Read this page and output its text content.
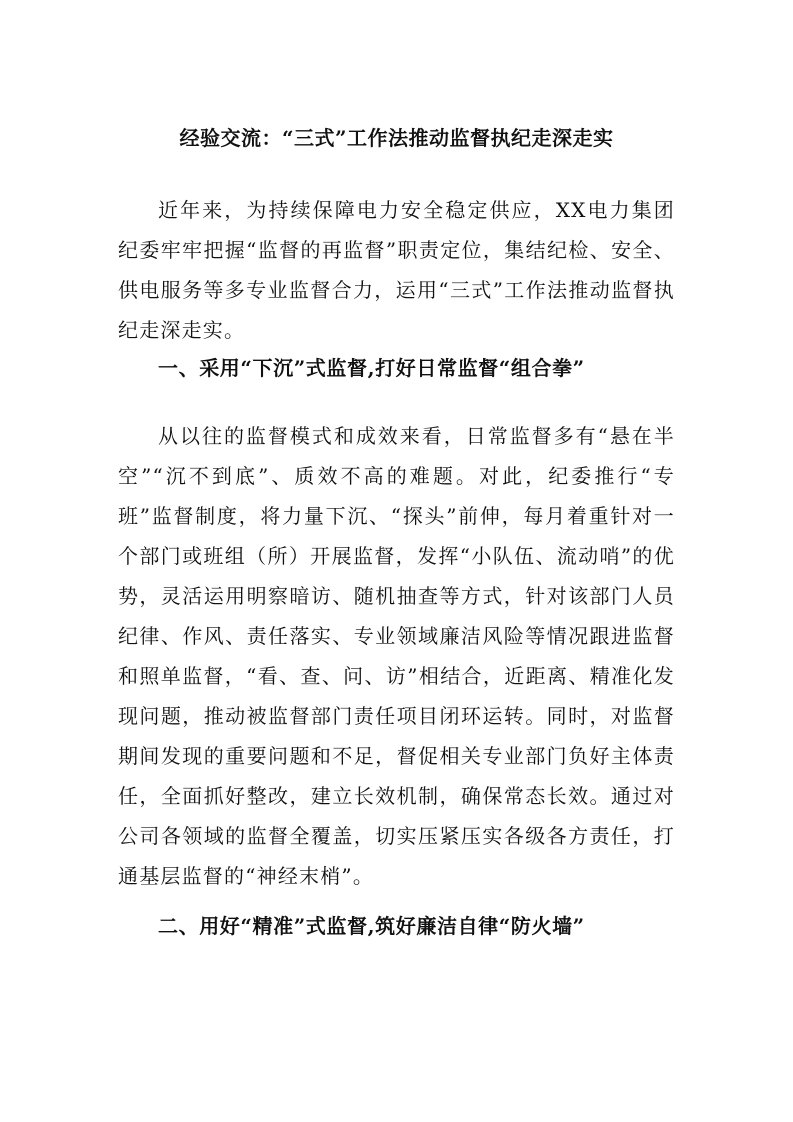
经验交流：“三式”工作法推动监督执纪走深走实

近年来，为持续保障电力安全稳定供应，XX电力集团纪委牢牢把握“监督的再监督”职责定位，集结纪检、安全、供电服务等多专业监督合力，运用“三式”工作法推动监督执纪走深走实。

一、采用“下沉”式监督,打好日常监督“组合拳”

从以往的监督模式和成效来看，日常监督多有“悬在半空”“沉不到底”、质效不高的难题。对此，纪委推行“专班”监督制度，将力量下沉、“探头”前伸，每月着重针对一个部门或班组（所）开展监督，发挥“小队伍、流动哨”的优势，灵活运用明察暗访、随机抽查等方式，针对该部门人员纪律、作风、责任落实、专业领域廉洁风险等情况跟进监督和照单监督，“看、查、问、访”相结合，近距离、精准化发现问题，推动被监督部门责任项目闭环运转。同时，对监督期间发现的重要问题和不足，督促相关专业部门负好主体责任，全面抓好整改，建立长效机制，确保常态长效。通过对公司各领域的监督全覆盖，切实压紧压实各级各方责任，打通基层监督的“神经末梢”。

二、用好“精准”式监督,筑好廉洁自律“防火墙”
